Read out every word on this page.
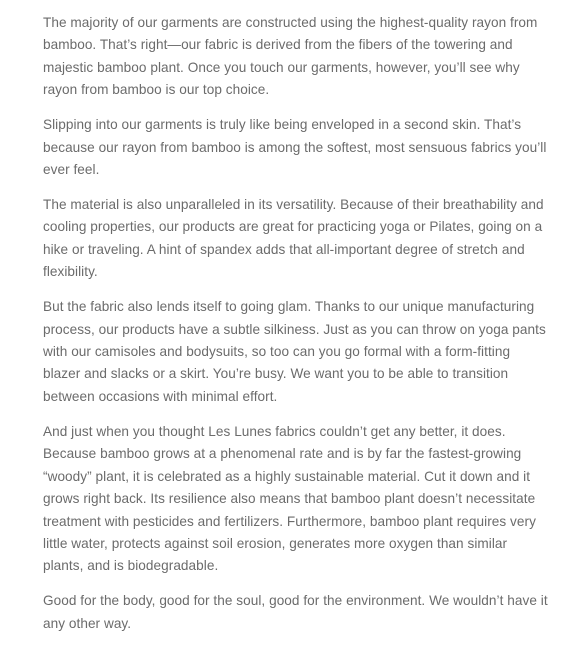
The majority of our garments are constructed using the highest-quality rayon from bamboo. That’s right—our fabric is derived from the fibers of the towering and majestic bamboo plant. Once you touch our garments, however, you’ll see why rayon from bamboo is our top choice.

Slipping into our garments is truly like being enveloped in a second skin. That’s because our rayon from bamboo is among the softest, most sensuous fabrics you’ll ever feel.

The material is also unparalleled in its versatility. Because of their breathability and cooling properties, our products are great for practicing yoga or Pilates, going on a hike or traveling. A hint of spandex adds that all-important degree of stretch and flexibility.

But the fabric also lends itself to going glam. Thanks to our unique manufacturing process, our products have a subtle silkiness. Just as you can throw on yoga pants with our camisoles and bodysuits, so too can you go formal with a form-fitting blazer and slacks or a skirt. You’re busy. We want you to be able to transition between occasions with minimal effort.

And just when you thought Les Lunes fabrics couldn’t get any better, it does. Because bamboo grows at a phenomenal rate and is by far the fastest-growing “woody” plant, it is celebrated as a highly sustainable material. Cut it down and it grows right back. Its resilience also means that bamboo plant doesn’t necessitate treatment with pesticides and fertilizers. Furthermore, bamboo plant requires very little water, protects against soil erosion, generates more oxygen than similar plants, and is biodegradable.

Good for the body, good for the soul, good for the environment. We wouldn’t have it any other way.
